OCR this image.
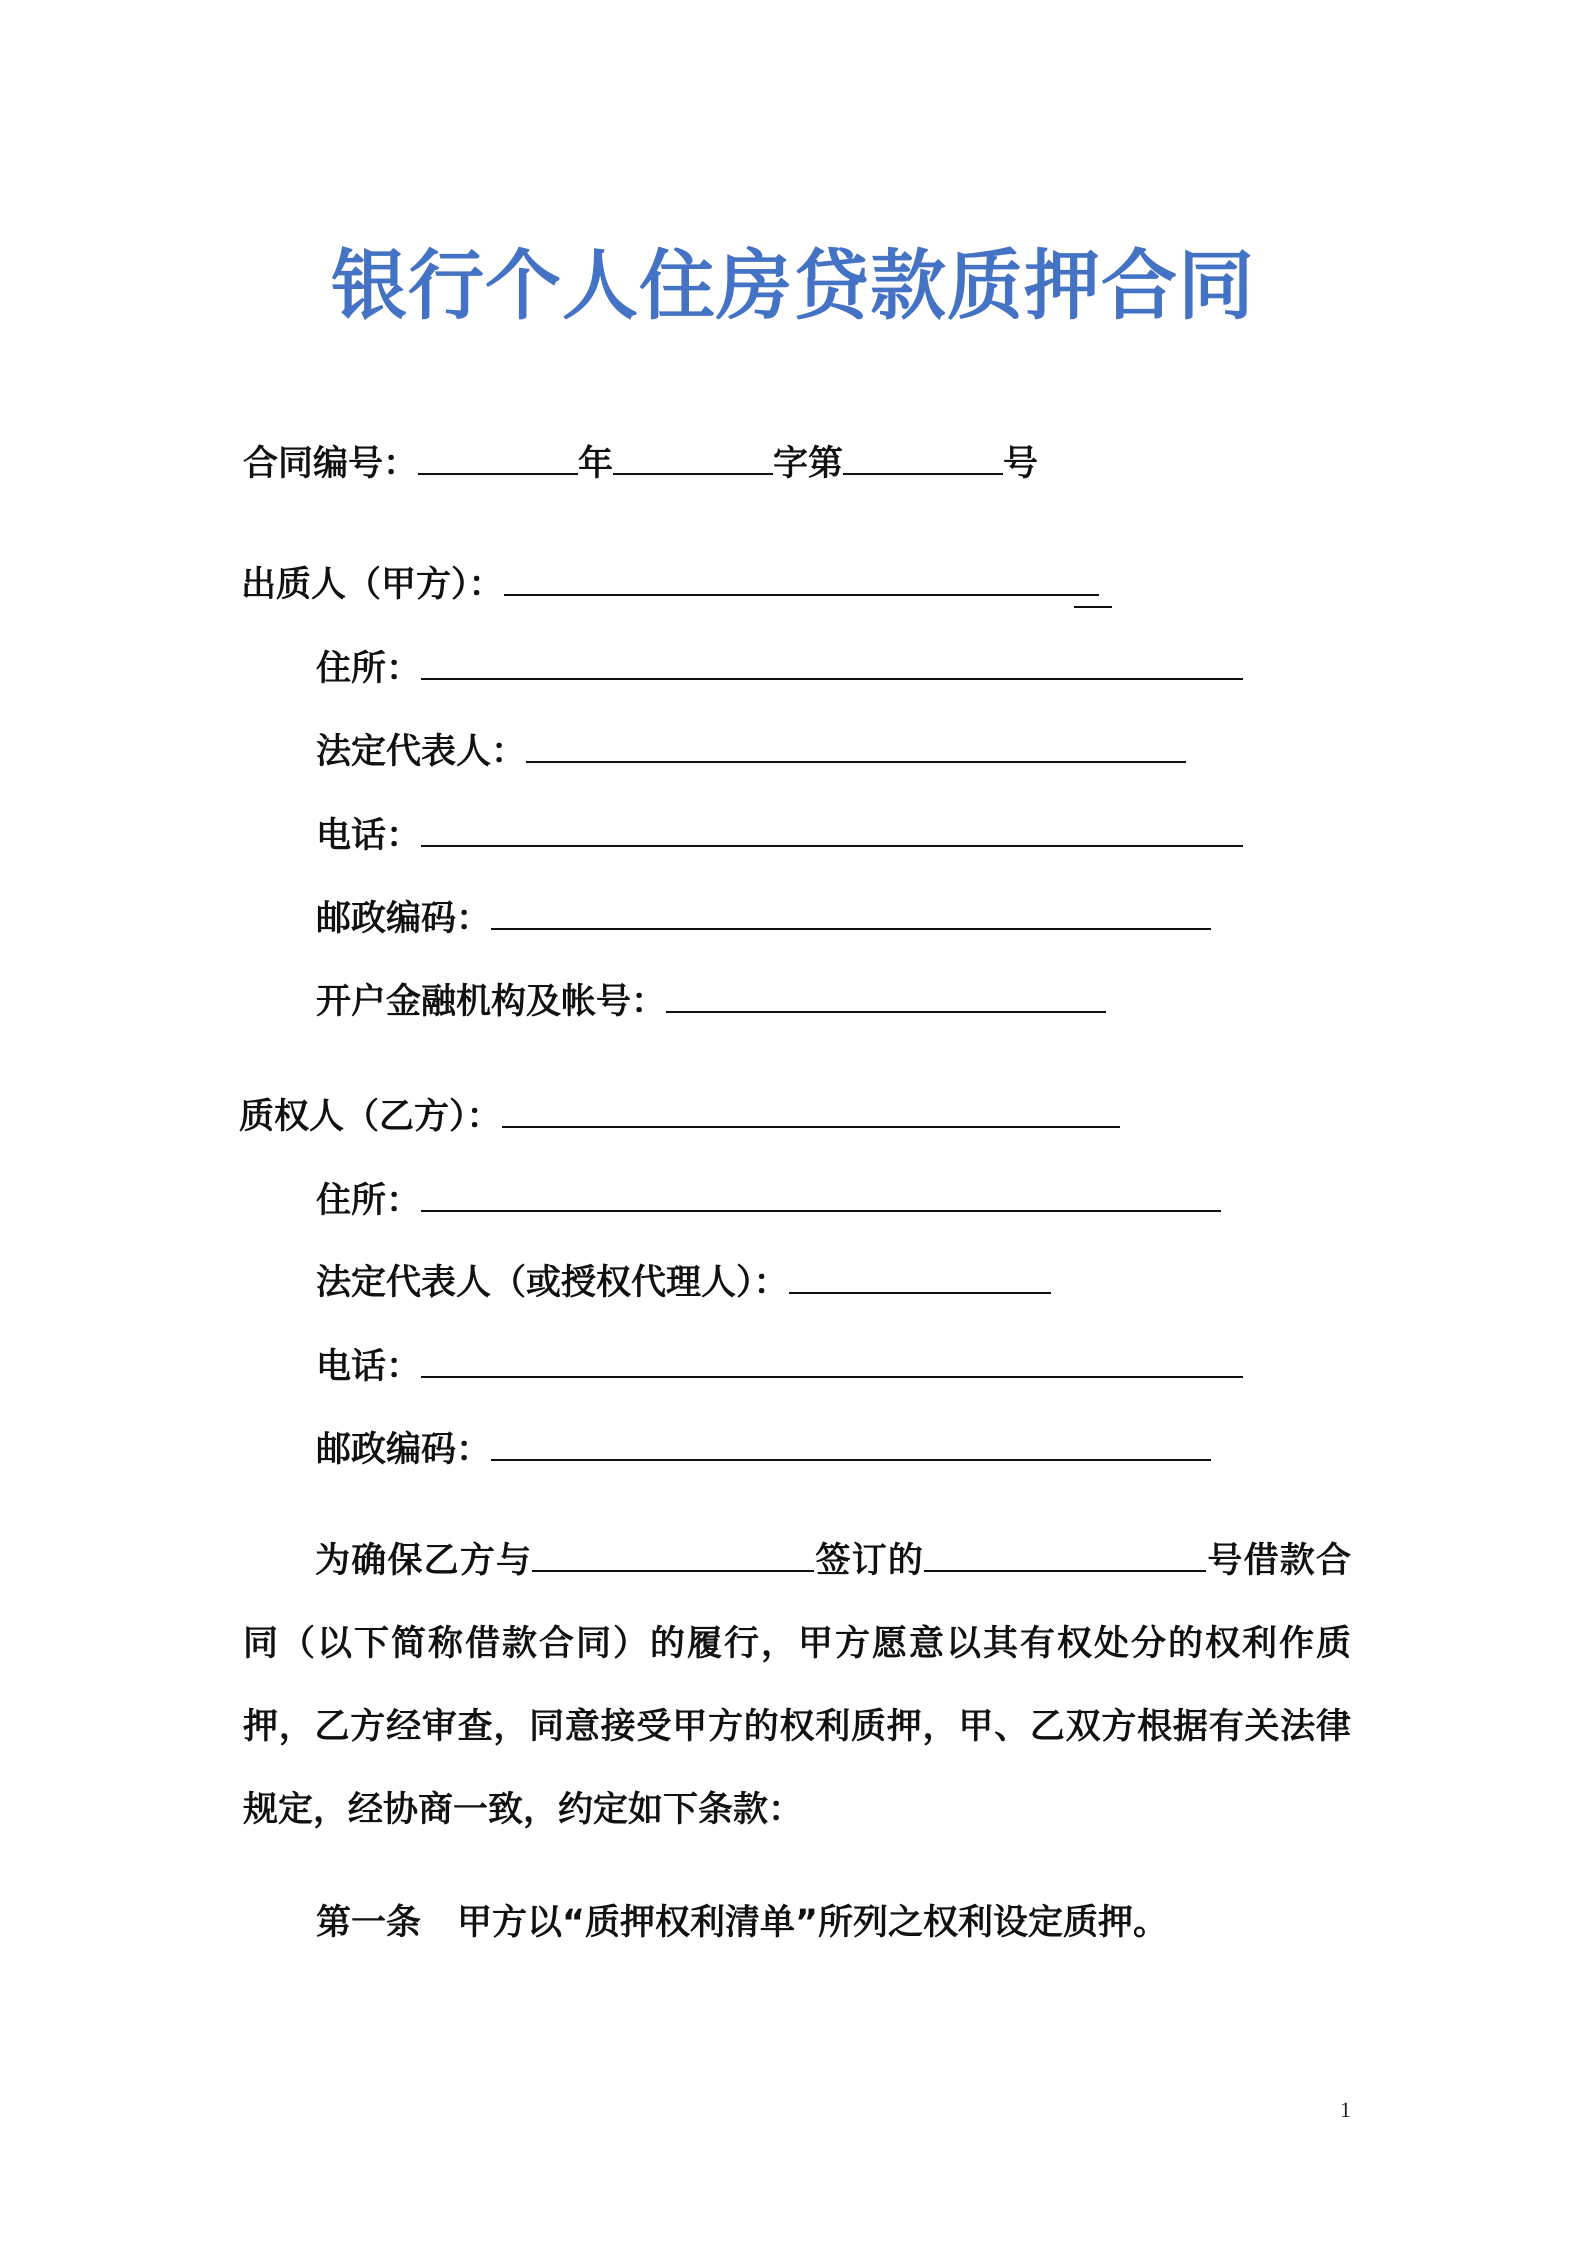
银行个人住房贷款质押合同
合同编号：	年	字第	号
出质人（甲方）：
住所：
法定代表人：
电话：
邮政编码：
开户金融机构及帐号：
质权人（乙方）：
住所：
法定代表人（或授权代理人）：
电话：
邮政编码：
为确保乙方与	签订的	号借款合同（以下简称借款合同）的履行，甲方愿意以其有权处分的权利作质押，乙方经审查，同意接受甲方的权利质押，甲、乙双方根据有关法律规定，经协商一致，约定如下条款：
第一条 甲方以“质押权利清单”所列之权利设定质押。
1
